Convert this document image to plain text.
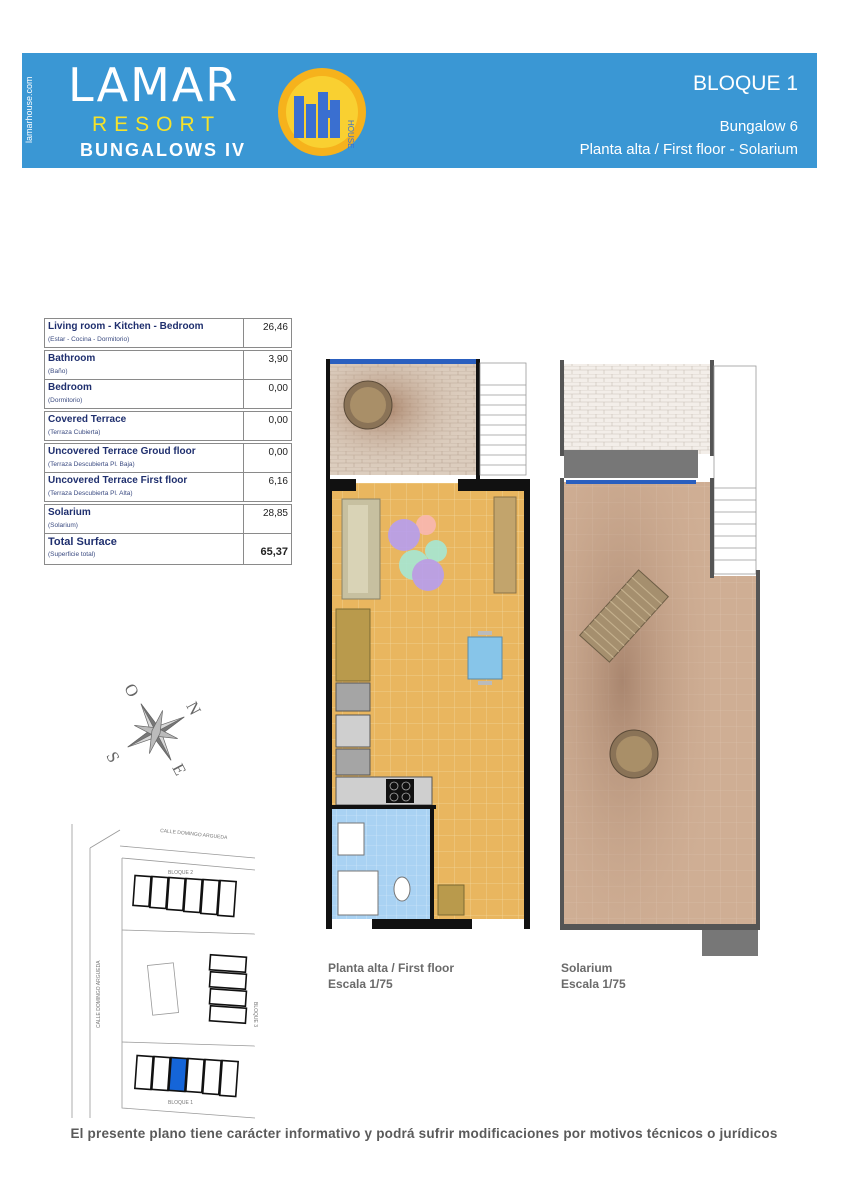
lamarhouse.com LAMAR
RESORT
BUNGALOWS IV
HOUSE
BLOQUE 1
Bungalow 6
Planta alta / First floor - Solarium
Living room - Kitchen - Bedroom
(Estar - Cocina - Dormitorio)
26,46
Bathroom
(Baño)
3,90
Bedroom
(Dormitorio)
0,00
Covered Terrace
(Terraza Cubierta)
0,00
Uncovered Terrace Groud floor
(Terraza Descubierta Pl. Baja)
0,00
Uncovered Terrace First floor
(Terraza Descubierta Pl. Alta)
6,16
Solarium
(Solarium)
28,85
Total Surface
(Superficie total)	65,37
N
S
E
O
CALLE DOMINGO ARGUEDA
CALLE DOMINGO ARGUEDA
BLOQUE 2
BLOQUE 3
BLOQUE 1
Planta alta / First floor
Escala 1/75
Solarium
Escala 1/75
El presente plano tiene carácter informativo y podrá sufrir modificaciones por motivos técnicos o jurídicos
